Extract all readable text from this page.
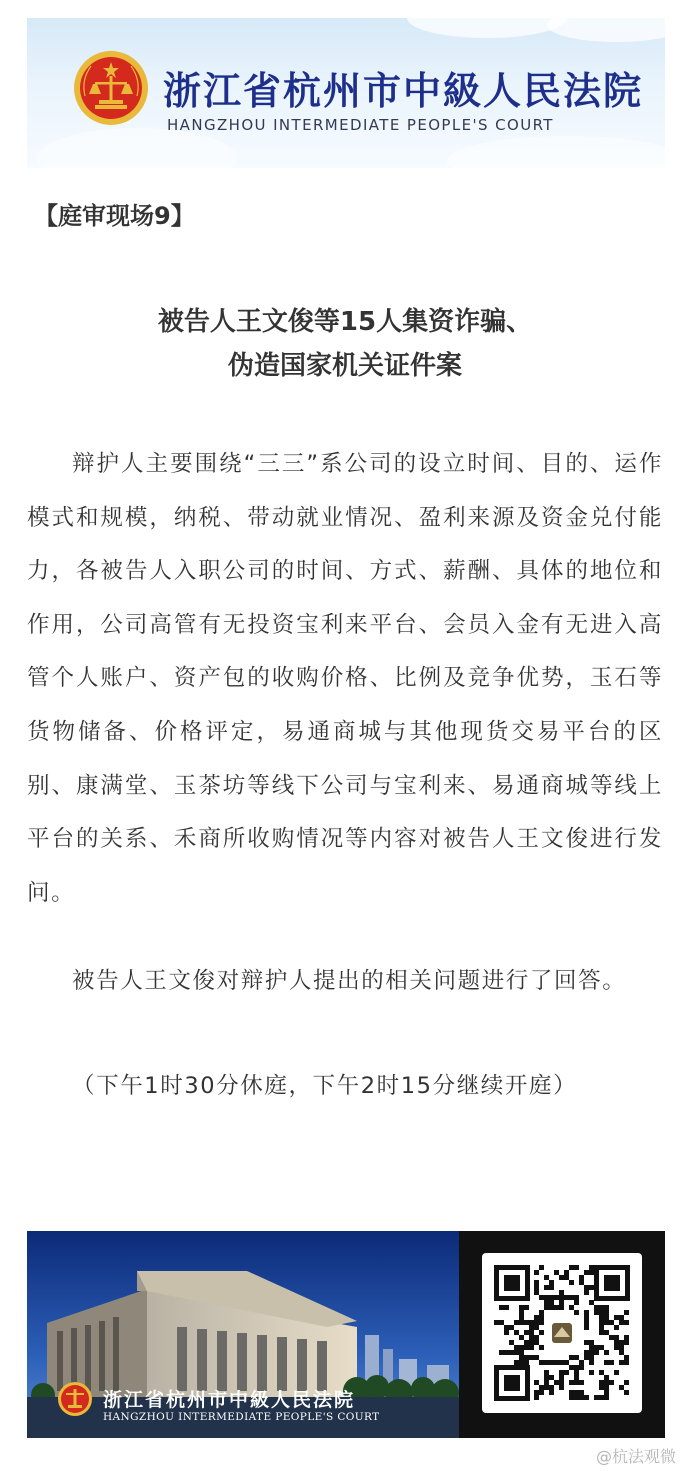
浙江省杭州市中級人民法院

HANGZHOU INTERMEDIATE PEOPLE'S COURT

【庭审现场9】

被告人王文俊等15人集资诈骗、
伪造国家机关证件案

辩护人主要围绕“三三”系公司的设立时间、目的、运作模式和规模，纳税、带动就业情况、盈利来源及资金兑付能力，各被告人入职公司的时间、方式、薪酬、具体的地位和作用，公司高管有无投资宝利来平台、会员入金有无进入高管个人账户、资产包的收购价格、比例及竞争优势，玉石等货物储备、价格评定，易通商城与其他现货交易平台的区别、康满堂、玉茶坊等线下公司与宝利来、易通商城等线上平台的关系、禾商所收购情况等内容对被告人王文俊进行发问。

被告人王文俊对辩护人提出的相关问题进行了回答。

（下午1时30分休庭，下午2时15分继续开庭）

浙江省杭州市中級人民法院
HANGZHOU INTERMEDIATE PEOPLE'S COURT

@杭法观微
